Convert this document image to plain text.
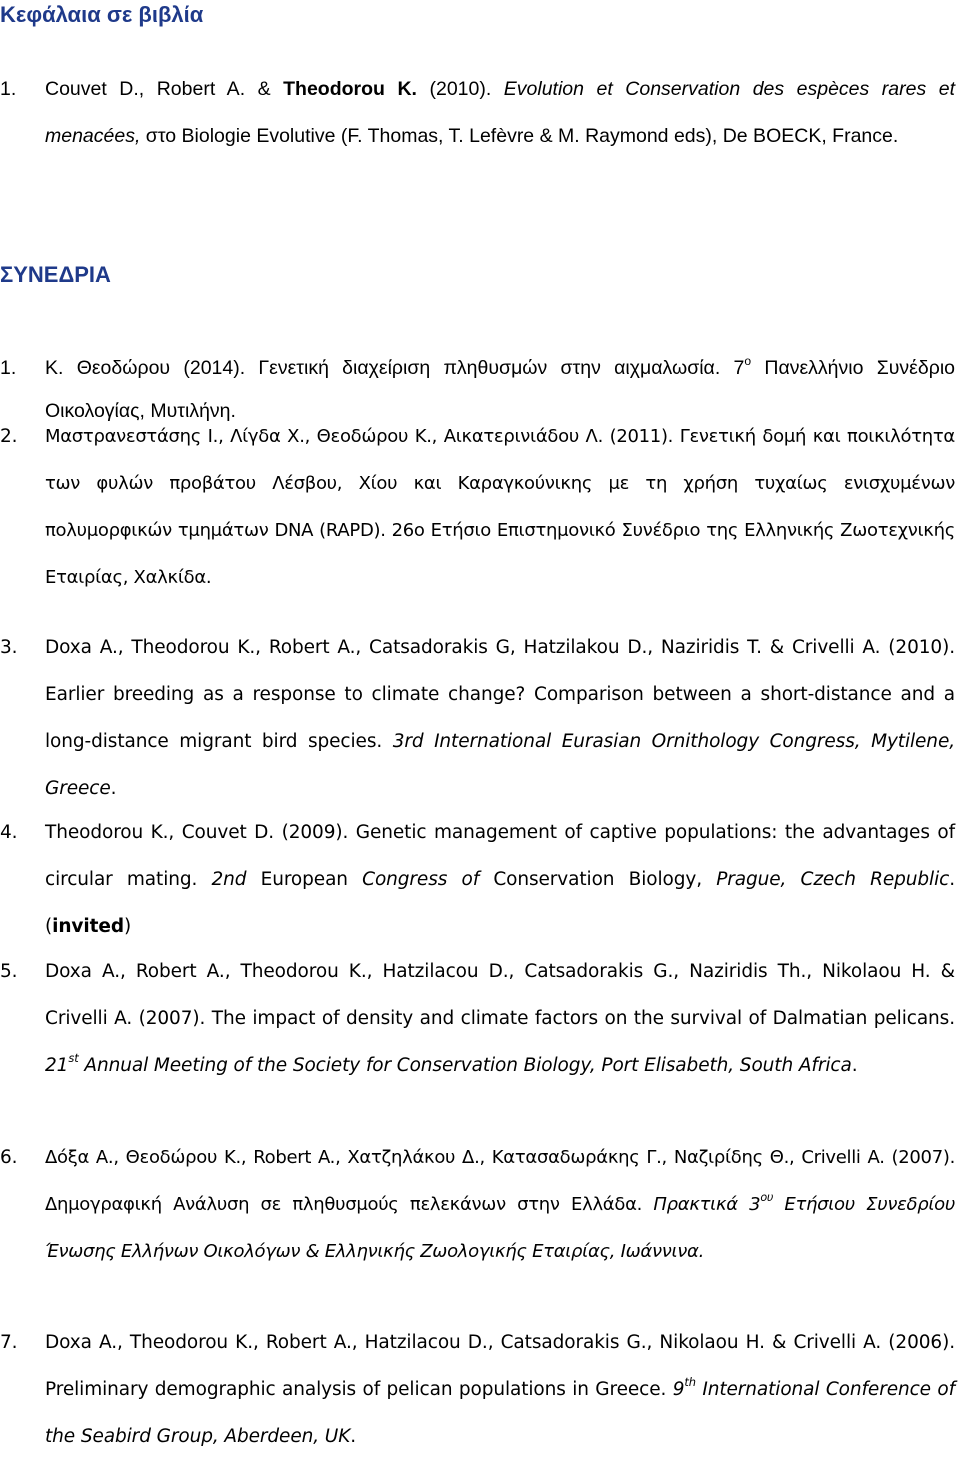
Κεφάλαια σε βιβλία
1.	Couvet D., Robert A. & Theodorou K. (2010). Evolution et Conservation des espèces rares et menacées, στο Biologie Evolutive (F. Thomas, T. Lefèvre & M. Raymond eds), De BOECK, France.
ΣΥΝΕΔΡΙΑ
1.	Κ. Θεοδώρου (2014). Γενετική διαχείριση πληθυσμών στην αιχμαλωσία. $7^o$ Πανελλήνιο Συνέδριο Οικολογίας, Μυτιλήνη.
2.	Μαστρανεστάσης Ι., Λίγδα Χ., Θεοδώρου Κ., Αικατερινιάδου Λ. (2011). Γενετική δομή και ποικιλότητα των φυλών προβάτου Λέσβου, Χίου και Καραγκούνικης με τη χρήση τυχαίως ενισχυμένων πολυμορφικών τμημάτων DNA (RAPD). 26ο Ετήσιο Επιστημονικό Συνέδριο της Ελληνικής Ζωοτεχνικής Εταιρίας, Χαλκίδα.
3.	Doxa A., Theodorou K., Robert A., Catsadorakis G, Hatzilakou D., Naziridis T. & Crivelli A. (2010). Earlier breeding as a response to climate change? Comparison between a short-distance and a long-distance migrant bird species. 3rd International Eurasian Ornithology Congress, Mytilene, Greece.
4.	Theodorou K., Couvet D. (2009). Genetic management of captive populations: the advantages of circular mating. 2nd European Congress of Conservation Biology, Prague, Czech Republic. (invited)
5.	Doxa A., Robert A., Theodorou K., Hatzilacou D., Catsadorakis G., Naziridis Th., Nikolaou H. & Crivelli A. (2007). The impact of density and climate factors on the survival of Dalmatian pelicans. 21st Annual Meeting of the Society for Conservation Biology, Port Elisabeth, South Africa.
6.	Δόξα Α., Θεοδώρου Κ., Robert A., Χατζηλάκου Δ., Κατασαδωράκης Γ., Ναζιρίδης Θ., Crivelli A. (2007). Δημογραφική Ανάλυση σε πληθυσμούς πελεκάνων στην Ελλάδα. Πρακτικά $3^{o\upsilon}$ Ετήσιου Συνεδρίου Ένωσης Ελλήνων Οικολόγων & Ελληνικής Ζωολογικής Εταιρίας, Ιωάννινα.
7.	Doxa A., Theodorou K., Robert A., Hatzilacou D., Catsadorakis G., Nikolaou H. & Crivelli A. (2006). Preliminary demographic analysis of pelican populations in Greece. 9th International Conference of the Seabird Group, Aberdeen, UK.
